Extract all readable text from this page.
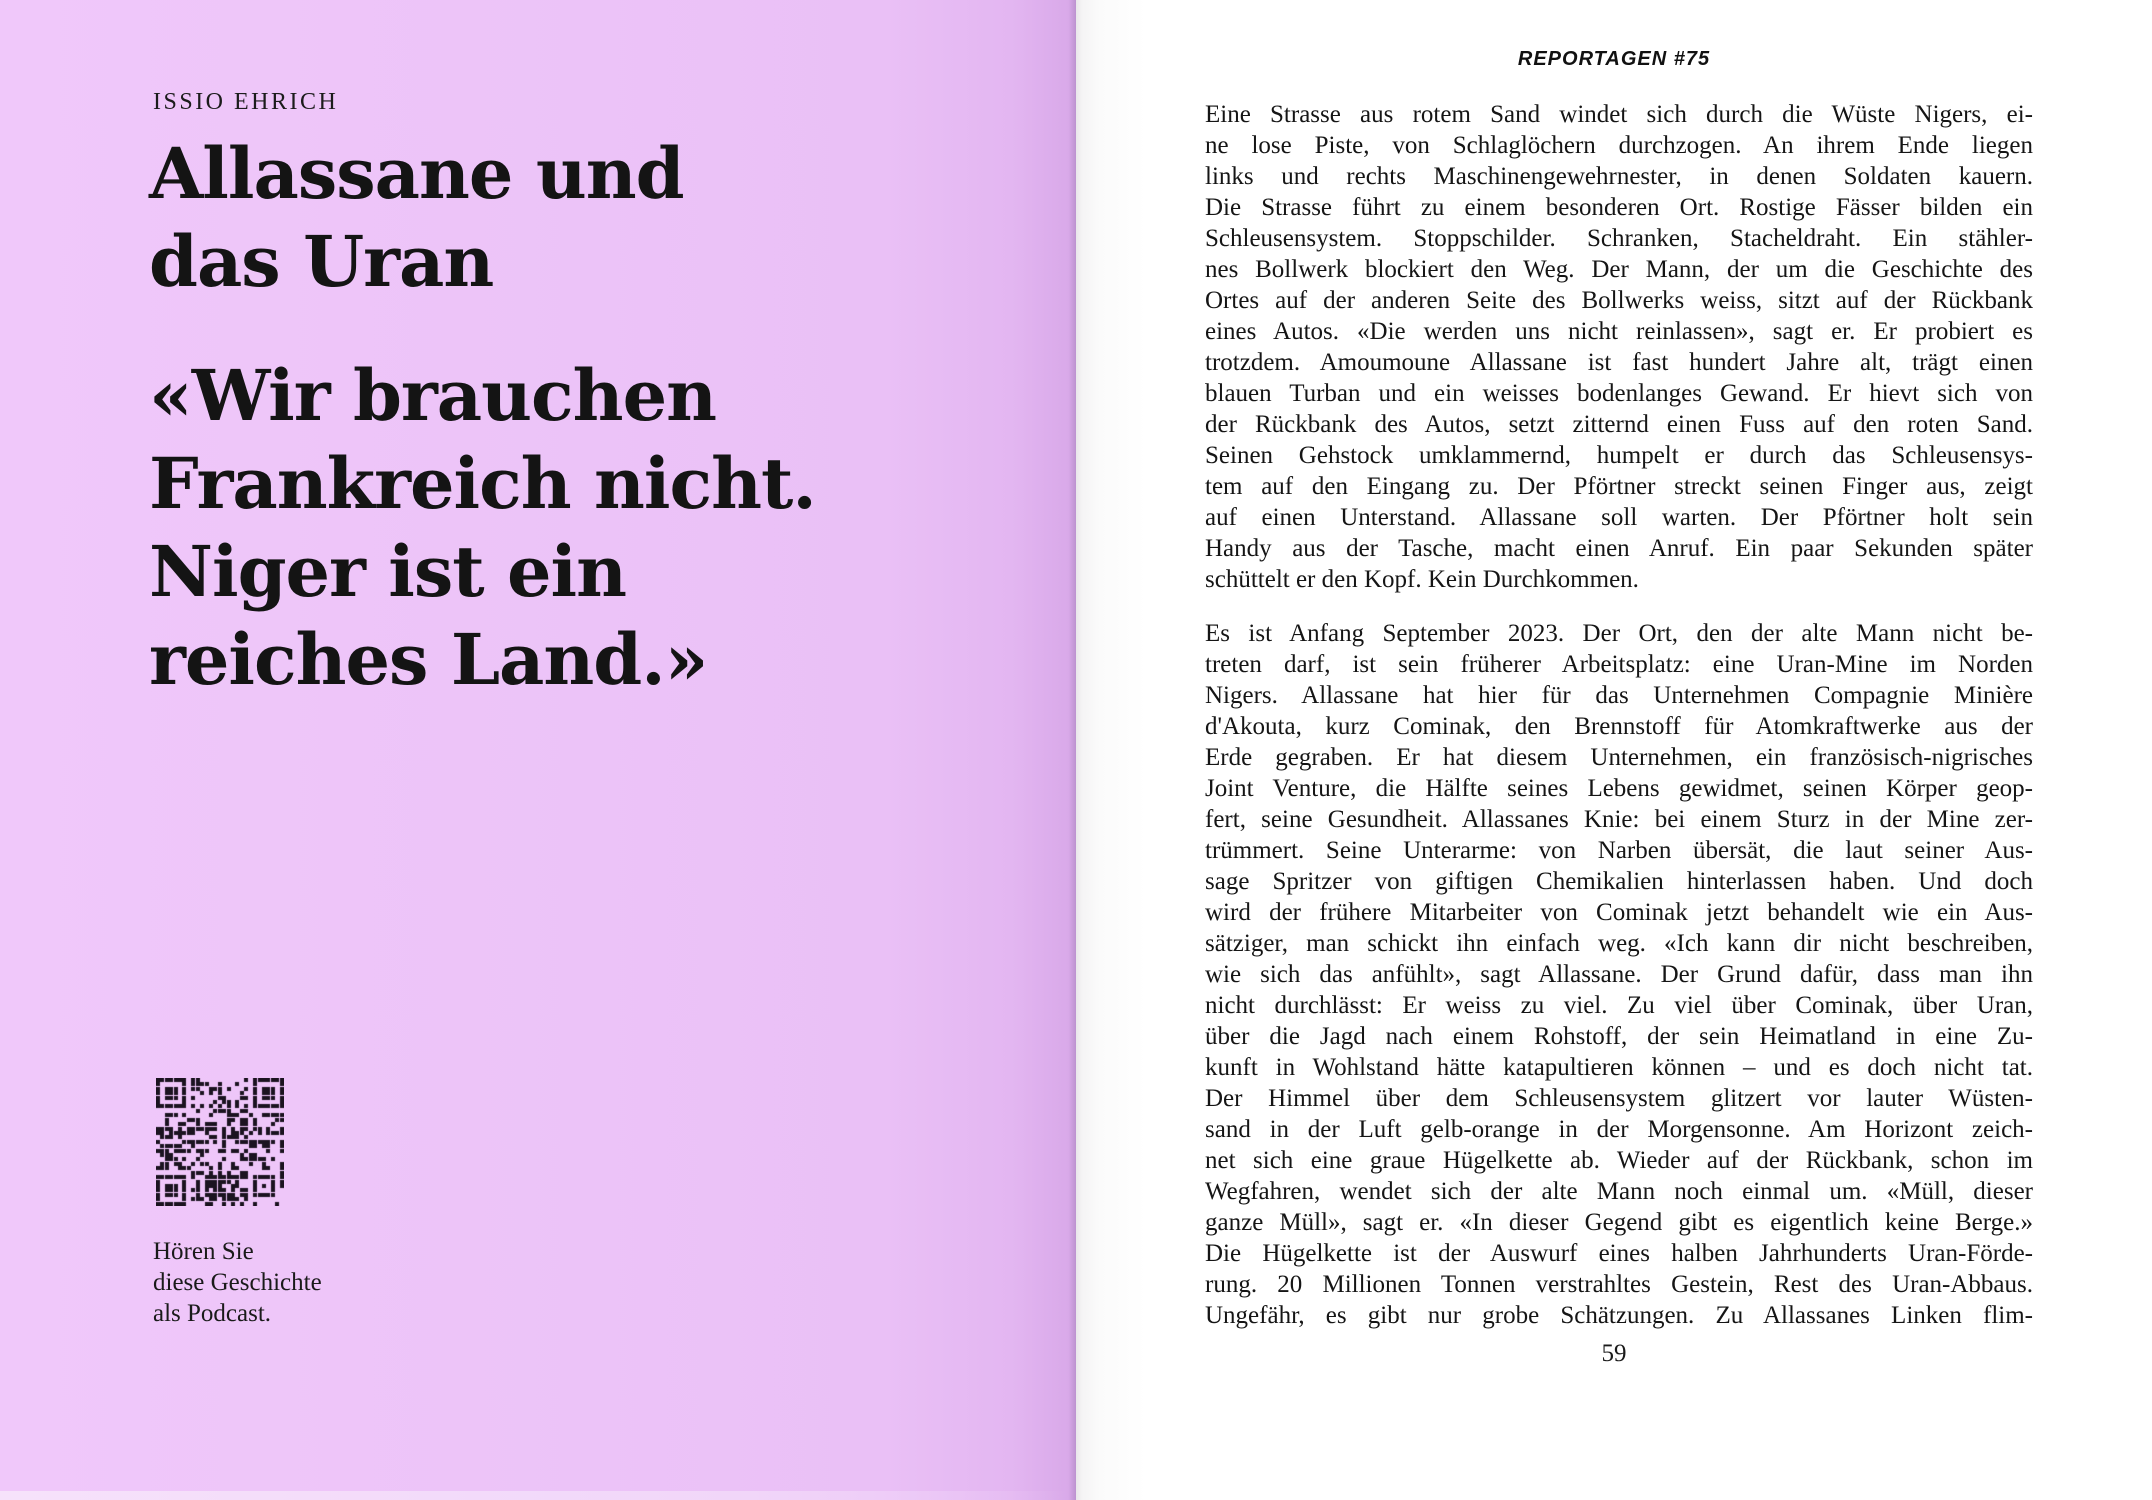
ISSIO EHRICH
Allassane und
das Uran
«Wir brauchen
Frankreich nicht.
Niger ist ein
reiches Land.»
Hören Sie
diese Geschichte
als Podcast.
REPORTAGEN #75
Eine Strasse aus rotem Sand windet sich durch die Wüste Nigers, ei-
ne lose Piste, von Schlaglöchern durchzogen. An ihrem Ende liegen
links und rechts Maschinengewehrnester, in denen Soldaten kauern.
Die Strasse führt zu einem besonderen Ort. Rostige Fässer bilden ein
Schleusensystem. Stoppschilder. Schranken, Stacheldraht. Ein stähler-
nes Bollwerk blockiert den Weg. Der Mann, der um die Geschichte des
Ortes auf der anderen Seite des Bollwerks weiss, sitzt auf der Rückbank
eines Autos. «Die werden uns nicht reinlassen», sagt er. Er probiert es
trotzdem. Amoumoune Allassane ist fast hundert Jahre alt, trägt einen
blauen Turban und ein weisses bodenlanges Gewand. Er hievt sich von
der Rückbank des Autos, setzt zitternd einen Fuss auf den roten Sand.
Seinen Gehstock umklammernd, humpelt er durch das Schleusensys-
tem auf den Eingang zu. Der Pförtner streckt seinen Finger aus, zeigt
auf einen Unterstand. Allassane soll warten. Der Pförtner holt sein
Handy aus der Tasche, macht einen Anruf. Ein paar Sekunden später
schüttelt er den Kopf. Kein Durchkommen.
Es ist Anfang September 2023. Der Ort, den der alte Mann nicht be-
treten darf, ist sein früherer Arbeitsplatz: eine Uran-Mine im Norden
Nigers. Allassane hat hier für das Unternehmen Compagnie Minière
d'Akouta, kurz Cominak, den Brennstoff für Atomkraftwerke aus der
Erde gegraben. Er hat diesem Unternehmen, ein französisch-nigrisches
Joint Venture, die Hälfte seines Lebens gewidmet, seinen Körper geop-
fert, seine Gesundheit. Allassanes Knie: bei einem Sturz in der Mine zer-
trümmert. Seine Unterarme: von Narben übersät, die laut seiner Aus-
sage Spritzer von giftigen Chemikalien hinterlassen haben. Und doch
wird der frühere Mitarbeiter von Cominak jetzt behandelt wie ein Aus-
sätziger, man schickt ihn einfach weg. «Ich kann dir nicht beschreiben,
wie sich das anfühlt», sagt Allassane. Der Grund dafür, dass man ihn
nicht durchlässt: Er weiss zu viel. Zu viel über Cominak, über Uran,
über die Jagd nach einem Rohstoff, der sein Heimatland in eine Zu-
kunft in Wohlstand hätte katapultieren können – und es doch nicht tat.
Der Himmel über dem Schleusensystem glitzert vor lauter Wüsten-
sand in der Luft gelb-orange in der Morgensonne. Am Horizont zeich-
net sich eine graue Hügelkette ab. Wieder auf der Rückbank, schon im
Wegfahren, wendet sich der alte Mann noch einmal um. «Müll, dieser
ganze Müll», sagt er. «In dieser Gegend gibt es eigentlich keine Berge.»
Die Hügelkette ist der Auswurf eines halben Jahrhunderts Uran-Förde-
rung. 20 Millionen Tonnen verstrahltes Gestein, Rest des Uran-Abbaus.
Ungefähr, es gibt nur grobe Schätzungen. Zu Allassanes Linken flim-
59
